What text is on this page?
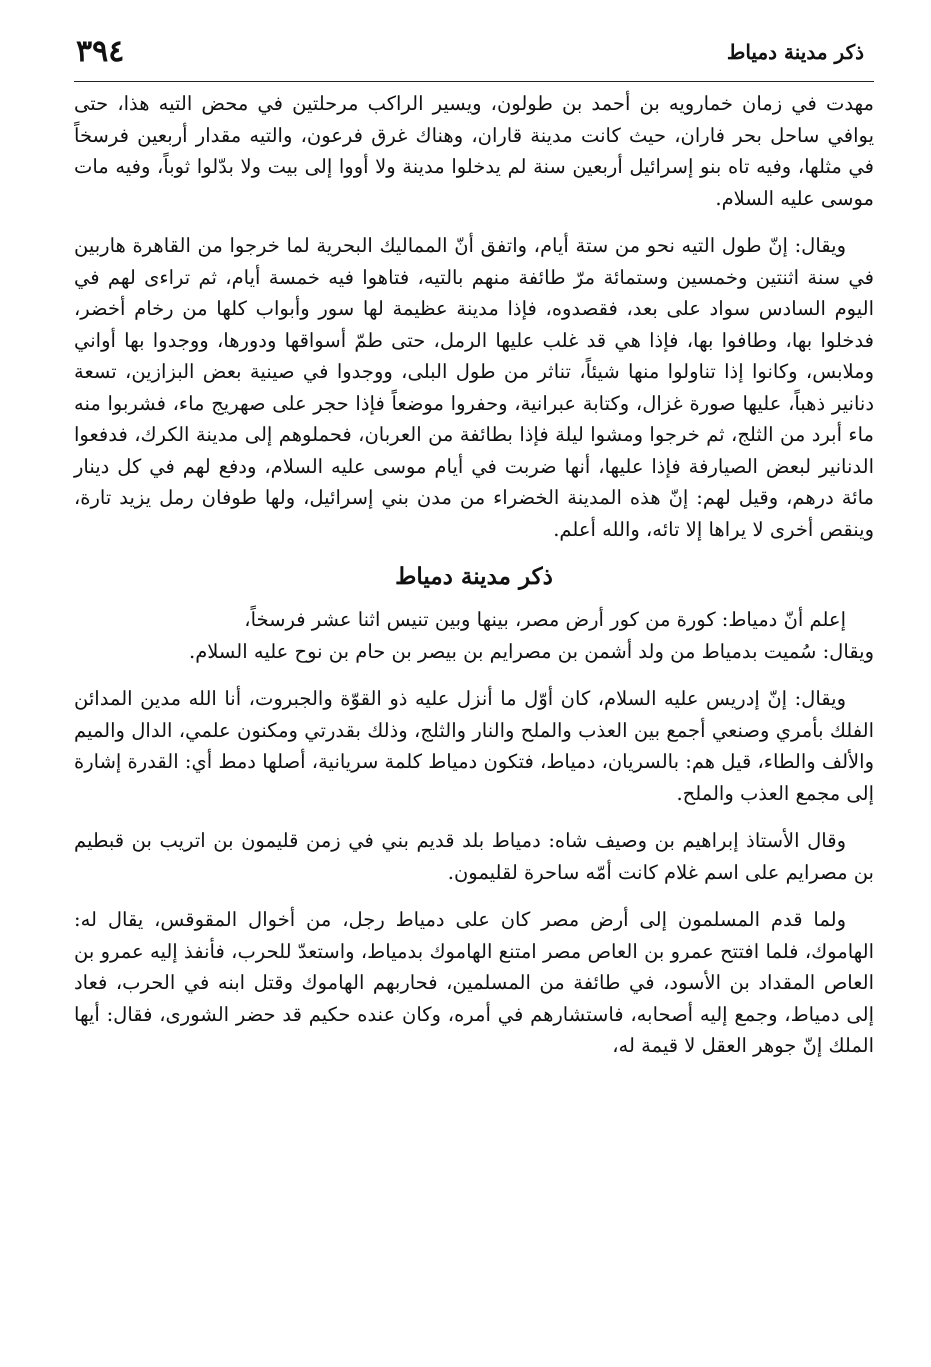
٣٩٤	ذكر مدينة دمياط

مهدت في زمان خمارويه بن أحمد بن طولون، ويسير الراكب مرحلتين في محض التيه هذا، حتى يوافي ساحل بحر فاران، حيث كانت مدينة قاران، وهناك غرق فرعون، والتيه مقدار أربعين فرسخاً في مثلها، وفيه تاه بنو إسرائيل أربعين سنة لم يدخلوا مدينة ولا أووا إلى بيت ولا بدّلوا ثوباً، وفيه مات موسى عليه السلام.

ويقال: إنّ طول التيه نحو من ستة أيام، واتفق أنّ المماليك البحرية لما خرجوا من القاهرة هاربين في سنة اثنتين وخمسين وستمائة مرّ طائفة منهم بالتيه، فتاهوا فيه خمسة أيام، ثم تراءى لهم في اليوم السادس سواد على بعد، فقصدوه، فإذا مدينة عظيمة لها سور وأبواب كلها من رخام أخضر، فدخلوا بها، وطافوا بها، فإذا هي قد غلب عليها الرمل، حتى طمّ أسواقها ودورها، ووجدوا بها أواني وملابس، وكانوا إذا تناولوا منها شيئاً، تناثر من طول البلى، ووجدوا في صينية بعض البزازين، تسعة دنانير ذهباً، عليها صورة غزال، وكتابة عبرانية، وحفروا موضعاً فإذا حجر على صهريج ماء، فشربوا منه ماء أبرد من الثلج، ثم خرجوا ومشوا ليلة فإذا بطائفة من العربان، فحملوهم إلى مدينة الكرك، فدفعوا الدنانير لبعض الصيارفة فإذا عليها، أنها ضربت في أيام موسى عليه السلام، ودفع لهم في كل دينار مائة درهم، وقيل لهم: إنّ هذه المدينة الخضراء من مدن بني إسرائيل، ولها طوفان رمل يزيد تارة، وينقص أخرى لا يراها إلا تائه، والله أعلم.

ذكر مدينة دمياط

إعلم أنّ دمياط: كورة من كور أرض مصر، بينها وبين تنيس اثنا عشر فرسخاً،

ويقال: سُميت بدمياط من ولد أشمن بن مصرايم بن بيصر بن حام بن نوح عليه السلام.

ويقال: إنّ إدريس عليه السلام، كان أوّل ما أنزل عليه ذو القوّة والجبروت، أنا الله مدين المدائن الفلك بأمري وصنعي أجمع بين العذب والملح والنار والثلج، وذلك بقدرتي ومكنون علمي، الدال والميم والألف والطاء، قيل هم: بالسريان، دمياط، فتكون دمياط كلمة سريانية، أصلها دمط أي: القدرة إشارة إلى مجمع العذب والملح.

وقال الأستاذ إبراهيم بن وصيف شاه: دمياط بلد قديم بني في زمن قليمون بن اتريب بن قبطيم بن مصرايم على اسم غلام كانت أمّه ساحرة لقليمون.

ولما قدم المسلمون إلى أرض مصر كان على دمياط رجل، من أخوال المقوقس، يقال له: الهاموك، فلما افتتح عمرو بن العاص مصر امتنع الهاموك بدمياط، واستعدّ للحرب، فأنفذ إليه عمرو بن العاص المقداد بن الأسود، في طائفة من المسلمين، فحاربهم الهاموك وقتل ابنه في الحرب، فعاد إلى دمياط، وجمع إليه أصحابه، فاستشارهم في أمره، وكان عنده حكيم قد حضر الشورى، فقال: أيها الملك إنّ جوهر العقل لا قيمة له،
